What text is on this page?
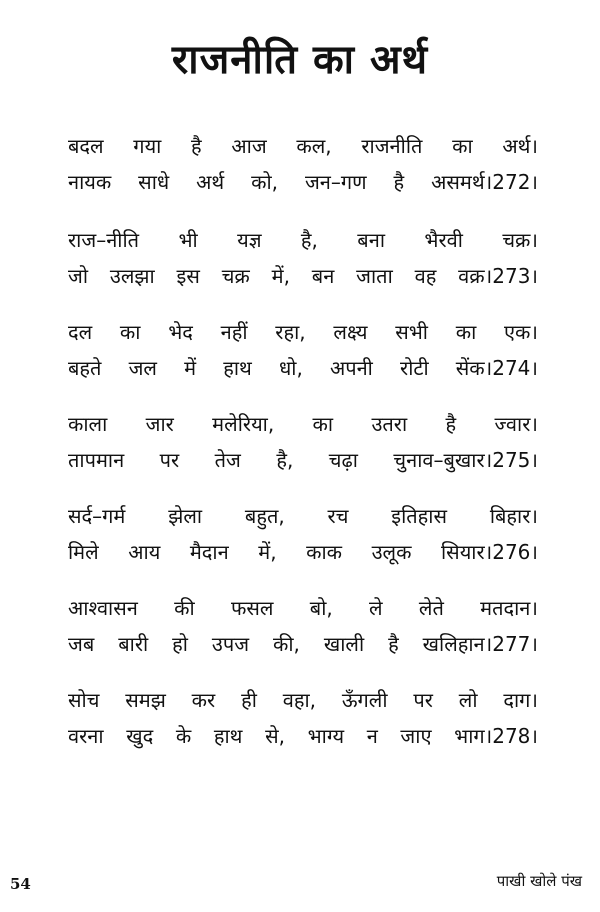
राजनीति का अर्थ
बदल गया है आज कल, राजनीति का अर्थ।
नायक साधे अर्थ को, जन–गण है असमर्थ।272।
राज–नीति भी यज्ञ है, बना भैरवी चक्र।
जो उलझा इस चक्र में, बन जाता वह वक्र।273।
दल का भेद नहीं रहा, लक्ष्य सभी का एक।
बहते जल में हाथ धो, अपनी रोटी सेंक।274।
काला जार मलेरिया, का उतरा है ज्वार।
तापमान पर तेज है, चढ़ा चुनाव–बुखार।275।
सर्द–गर्म झेला बहुत, रच इतिहास बिहार।
मिले आय मैदान में, काक उलूक सियार।276।
आश्वासन की फसल बो, ले लेते मतदान।
जब बारी हो उपज की, खाली है खलिहान।277।
सोच समझ कर ही वहा, ऊँगली पर लो दाग।
वरना खुद के हाथ से, भाग्य न जाए भाग।278।
54	पाखी खोले पंख
